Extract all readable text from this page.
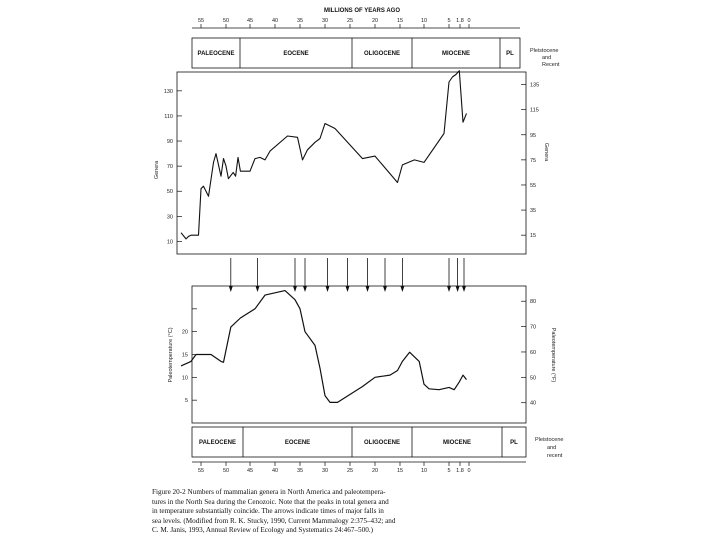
MILLIONS OF YEARS AGO
55	50	45	40	35	30	25	20	15	10	5 1.8 0
PALEOCENE	EOCENE	OLIGOCENE	MIOCENE	PL	Pleistocene
and
Recent
10
30
50
70
90
110
130
15
35
55
75
95
115
135
Genera
Genera
5
10
15
20
40
50
60
70
80
Paleotemperature (°C)	Paleotemperature (°F)
PALEOCENE	EOCENE	OLIGOCENE	MIOCENE	PL	Pleistocene
and
recent
55	50	45	40	35	30	25	20	15	10	5 1.8 0
Figure 20-2 Numbers of mammalian genera in North America and paleotempera-
tures in the North Sea during the Cenozoic. Note that the peaks in total genera and
in temperature substantially coincide. The arrows indicate times of major falls in
sea levels. (Modified from R. K. Stucky, 1990, Current Mammalogy 2:375–432; and
C. M. Janis, 1993, Annual Review of Ecology and Systematics 24:467–500.)
